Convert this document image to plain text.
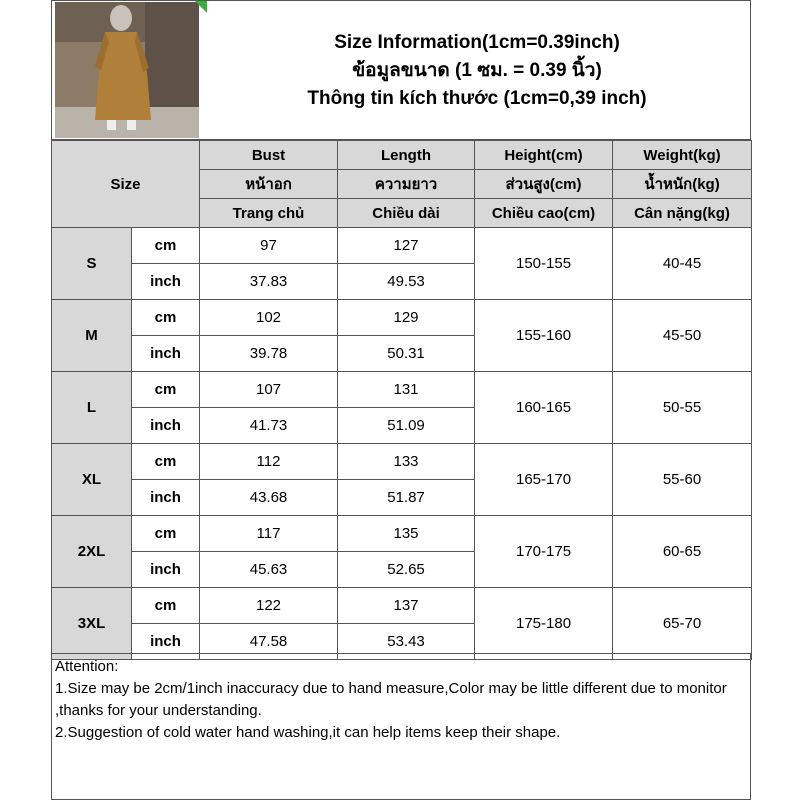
Size Information(1cm=0.39inch)
ข้อมูลขนาด (1 ซม. = 0.39 นิ้ว)
Thông tin kích thước (1cm=0,39 inch)
Size		Bust	Length	Height(cm)	Weight(kg)
		หน้าอก	ความยาว	ส่วนสูง(cm)	น้ำหนัก(kg)
		Trang chủ	Chiều dài	Chiều cao(cm)	Cân nặng(kg)
S	cm	97	127	150-155	40-45
	inch	37.83	49.53		
M	cm	102	129	155-160	45-50
	inch	39.78	50.31		
L	cm	107	131	160-165	50-55
	inch	41.73	51.09		
XL	cm	112	133	165-170	55-60
	inch	43.68	51.87		
2XL	cm	117	135	170-175	60-65
	inch	45.63	52.65		
3XL	cm	122	137	175-180	65-70
	inch	47.58	53.43		

Attention:

1.Size may be 2cm/1inch inaccuracy due to hand measure,Color may be little different due to monitor ,thanks for your understanding.

2.Suggestion of cold water hand washing,it can help items keep their shape.
